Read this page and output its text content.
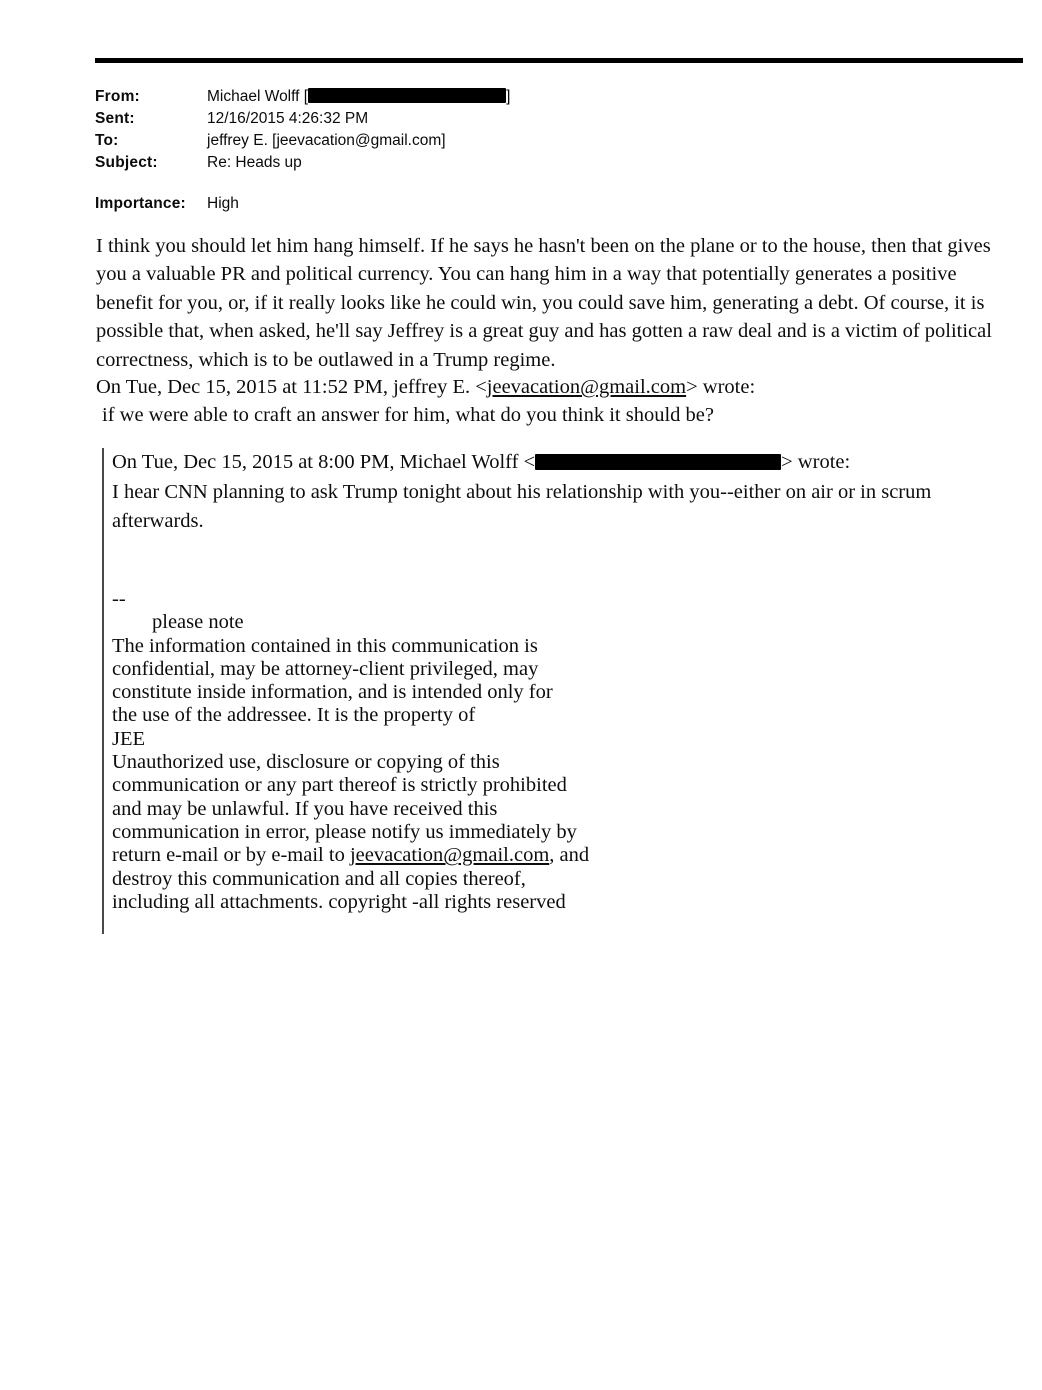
From:	Michael Wolff [	]
Sent:	12/16/2015 4:26:32 PM
To:	jeffrey E. [jeevacation@gmail.com]
Subject:	Re: Heads up
Importance:	High
I think you should let him hang himself. If he says he hasn't been on the plane or to the house, then that gives you a valuable PR and political currency. You can hang him in a way that potentially generates a positive benefit for you, or, if it really looks like he could win, you could save him, generating a debt. Of course, it is possible that, when asked, he'll say Jeffrey is a great guy and has gotten a raw deal and is a victim of political correctness, which is to be outlawed in a Trump regime.
On Tue, Dec 15, 2015 at 11:52 PM, jeffrey E. <jeevacation@gmail.com> wrote:
if we were able to craft an answer for him, what do you think it should be?
On Tue, Dec 15, 2015 at 8:00 PM, Michael Wolff <	> wrote:
I hear CNN planning to ask Trump tonight about his relationship with you--either on air or in scrum afterwards.
--
please note
The information contained in this communication is
confidential, may be attorney-client privileged, may
constitute inside information, and is intended only for
the use of the addressee. It is the property of
JEE
Unauthorized use, disclosure or copying of this
communication or any part thereof is strictly prohibited
and may be unlawful. If you have received this
communication in error, please notify us immediately by
return e-mail or by e-mail to jeevacation@gmail.com, and
destroy this communication and all copies thereof,
including all attachments. copyright -all rights reserved
